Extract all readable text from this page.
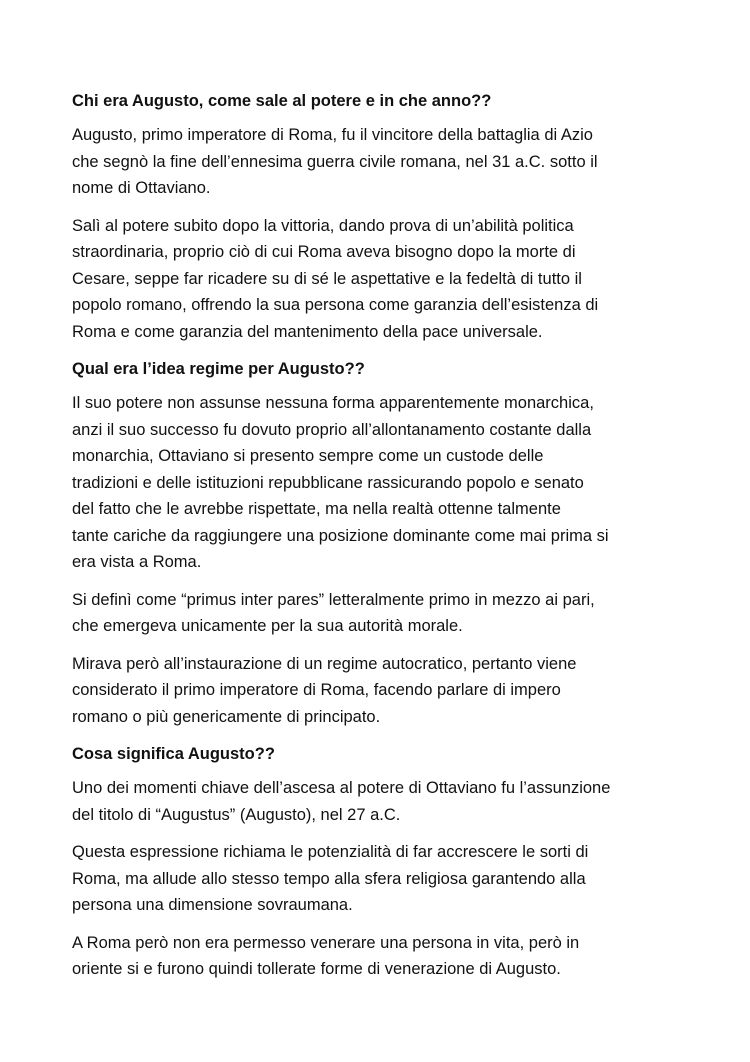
Chi era Augusto, come sale al potere e in che anno??
Augusto, primo imperatore di Roma, fu il vincitore della battaglia di Azio
che segnò la fine dell’ennesima guerra civile romana, nel 31 a.C. sotto il
nome di Ottaviano.
Salì al potere subito dopo la vittoria, dando prova di un’abilità politica
straordinaria, proprio ciò di cui Roma aveva bisogno dopo la morte di
Cesare, seppe far ricadere su di sé le aspettative e la fedeltà di tutto il
popolo romano, offrendo la sua persona come garanzia dell’esistenza di
Roma e come garanzia del mantenimento della pace universale.
Qual era l’idea regime per Augusto??
Il suo potere non assunse nessuna forma apparentemente monarchica,
anzi il suo successo fu dovuto proprio all’allontanamento costante dalla
monarchia, Ottaviano si presento sempre come un custode delle
tradizioni e delle istituzioni repubblicane rassicurando popolo e senato
del fatto che le avrebbe rispettate, ma nella realtà ottenne talmente
tante cariche da raggiungere una posizione dominante come mai prima si
era vista a Roma.
Si definì come “primus inter pares” letteralmente primo in mezzo ai pari,
che emergeva unicamente per la sua autorità morale.
Mirava però all’instaurazione di un regime autocratico, pertanto viene
considerato il primo imperatore di Roma, facendo parlare di impero
romano o più genericamente di principato.
Cosa significa Augusto??
Uno dei momenti chiave dell’ascesa al potere di Ottaviano fu l’assunzione
del titolo di “Augustus” (Augusto), nel 27 a.C.
Questa espressione richiama le potenzialità di far accrescere le sorti di
Roma, ma allude allo stesso tempo alla sfera religiosa garantendo alla
persona una dimensione sovraumana.
A Roma però non era permesso venerare una persona in vita, però in
oriente si e furono quindi tollerate forme di venerazione di Augusto.
